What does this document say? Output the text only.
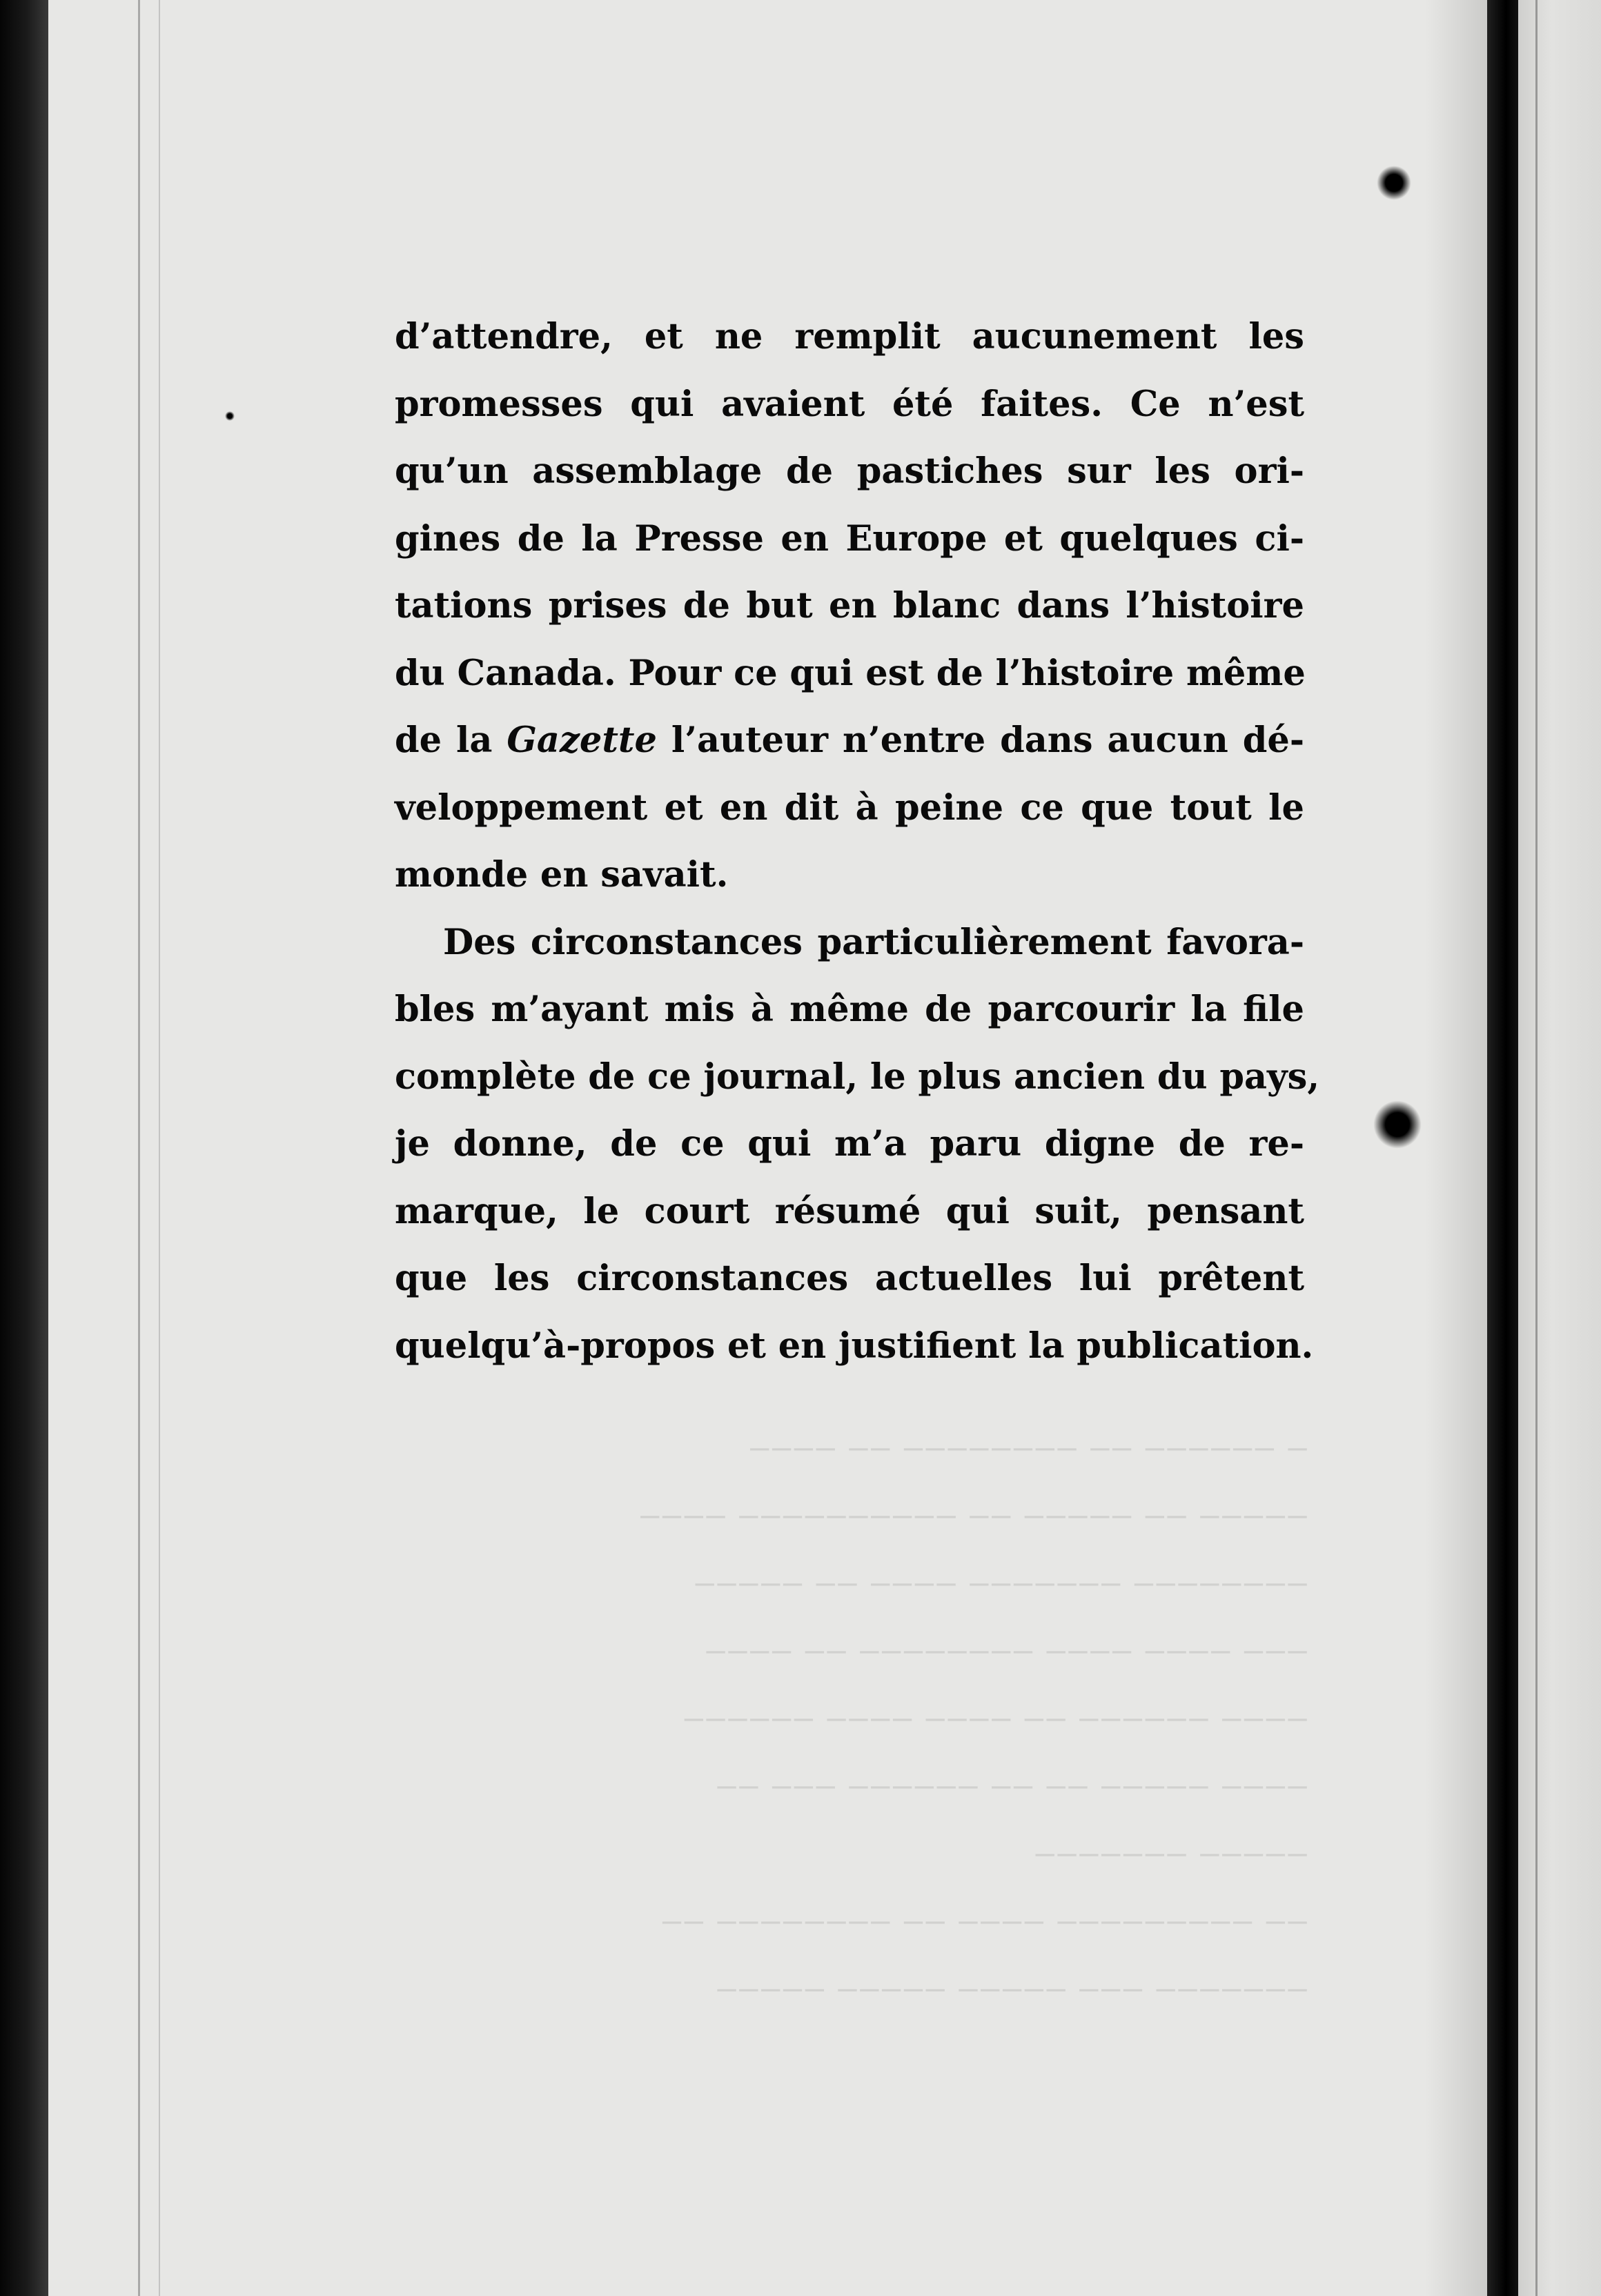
‒ ‒‒‒‒‒‒ ‒‒ ‒‒‒‒‒‒‒‒ ‒‒ ‒‒‒‒
‒‒‒‒‒ ‒‒ ‒‒‒‒‒ ‒‒ ‒‒‒‒‒‒‒‒‒‒ ‒‒‒‒
‒‒‒‒‒‒‒‒ ‒‒‒‒‒‒‒ ‒‒‒‒ ‒‒ ‒‒‒‒‒
‒‒‒ ‒‒‒‒ ‒‒‒‒ ‒‒‒‒‒‒‒‒ ‒‒ ‒‒‒‒
‒‒‒‒ ‒‒‒‒‒‒ ‒‒ ‒‒‒‒ ‒‒‒‒ ‒‒‒‒‒‒
‒‒‒‒ ‒‒‒‒‒ ‒‒ ‒‒ ‒‒‒‒‒‒ ‒‒‒ ‒‒
‒‒‒‒‒ ‒‒‒‒‒‒‒
‒‒ ‒‒‒‒‒‒‒‒‒ ‒‒‒‒ ‒‒ ‒‒‒‒‒‒‒‒ ‒‒
‒‒‒‒‒‒‒ ‒‒‒ ‒‒‒‒‒ ‒‒‒‒‒ ‒‒‒‒‒

d’attendre, et ne remplit aucunement les
promesses qui avaient été faites. Ce n’est
qu’un assemblage de pastiches sur les ori-
gines de la Presse en Europe et quelques ci-
tations prises de but en blanc dans l’histoire
du Canada. Pour ce qui est de l’histoire même
de la Gazette l’auteur n’entre dans aucun dé-
veloppement et en dit à peine ce que tout le
monde en savait.
Des circonstances particulièrement favora-
bles m’ayant mis à même de parcourir la file
complète de ce journal, le plus ancien du pays,
je donne, de ce qui m’a paru digne de re-
marque, le court résumé qui suit, pensant
que les circonstances actuelles lui prêtent
quelqu’à-propos et en justifient la publication.
